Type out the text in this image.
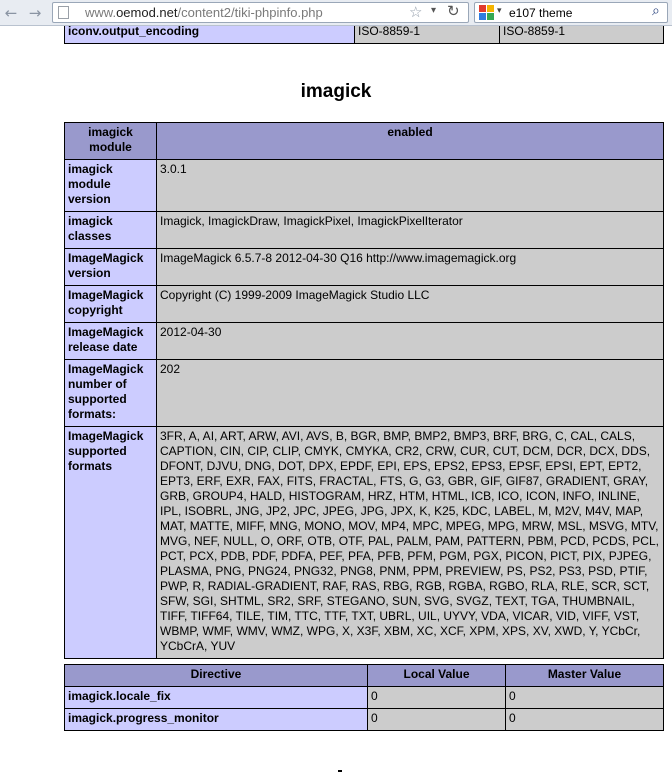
← →	www.oemod.net/content2/tiki-phpinfo.php	☆ ▾ ↻	▾ e107 theme	⌕
iconv.output_encoding	ISO-8859-1	ISO-8859-1
imagick
imagick module	enabled
imagick module version	3.0.1
imagick classes	Imagick, ImagickDraw, ImagickPixel, ImagickPixelIterator
ImageMagick version	ImageMagick 6.5.7-8 2012-04-30 Q16 http://www.imagemagick.org
ImageMagick copyright	Copyright (C) 1999-2009 ImageMagick Studio LLC
ImageMagick release date	2012-04-30
ImageMagick number of supported formats:	202
ImageMagick supported formats	3FR, A, AI, ART, ARW, AVI, AVS, B, BGR, BMP, BMP2, BMP3, BRF, BRG, C, CAL, CALS, CAPTION, CIN, CIP, CLIP, CMYK, CMYKA, CR2, CRW, CUR, CUT, DCM, DCR, DCX, DDS, DFONT, DJVU, DNG, DOT, DPX, EPDF, EPI, EPS, EPS2, EPS3, EPSF, EPSI, EPT, EPT2, EPT3, ERF, EXR, FAX, FITS, FRACTAL, FTS, G, G3, GBR, GIF, GIF87, GRADIENT, GRAY, GRB, GROUP4, HALD, HISTOGRAM, HRZ, HTM, HTML, ICB, ICO, ICON, INFO, INLINE, IPL, ISOBRL, JNG, JP2, JPC, JPEG, JPG, JPX, K, K25, KDC, LABEL, M, M2V, M4V, MAP, MAT, MATTE, MIFF, MNG, MONO, MOV, MP4, MPC, MPEG, MPG, MRW, MSL, MSVG, MTV, MVG, NEF, NULL, O, ORF, OTB, OTF, PAL, PALM, PAM, PATTERN, PBM, PCD, PCDS, PCL, PCT, PCX, PDB, PDF, PDFA, PEF, PFA, PFB, PFM, PGM, PGX, PICON, PICT, PIX, PJPEG, PLASMA, PNG, PNG24, PNG32, PNG8, PNM, PPM, PREVIEW, PS, PS2, PS3, PSD, PTIF, PWP, R, RADIAL-GRADIENT, RAF, RAS, RBG, RGB, RGBA, RGBO, RLA, RLE, SCR, SCT, SFW, SGI, SHTML, SR2, SRF, STEGANO, SUN, SVG, SVGZ, TEXT, TGA, THUMBNAIL, TIFF, TIFF64, TILE, TIM, TTC, TTF, TXT, UBRL, UIL, UYVY, VDA, VICAR, VID, VIFF, VST, WBMP, WMF, WMV, WMZ, WPG, X, X3F, XBM, XC, XCF, XPM, XPS, XV, XWD, Y, YCbCr, YCbCrA, YUV
Directive	Local Value	Master Value
imagick.locale_fix	0	0
imagick.progress_monitor	0	0
